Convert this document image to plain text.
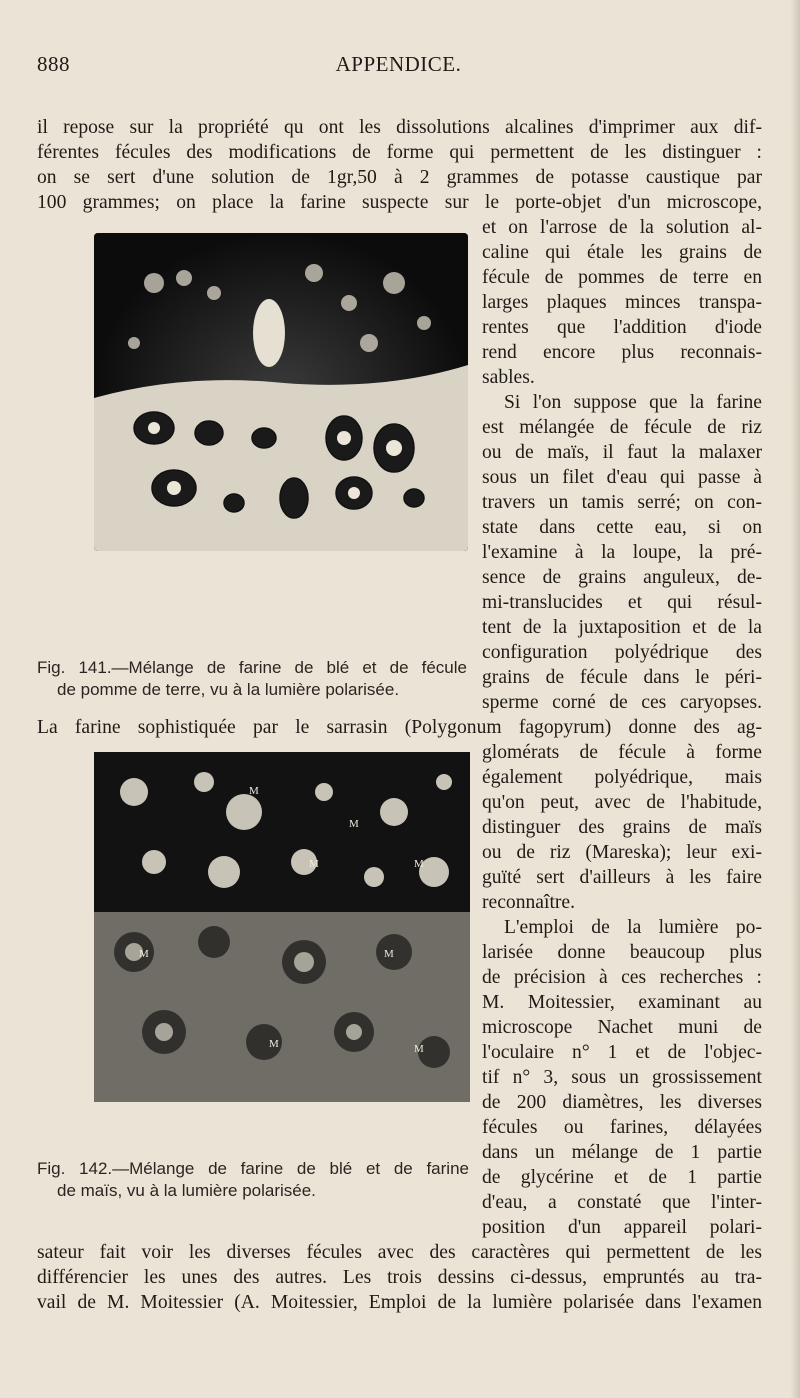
888	APPENDICE.
il repose sur la propriété qu ont les dissolutions alcalines d'imprimer aux dif-
férentes fécules des modifications de forme qui permettent de les distinguer :
on se sert d'une solution de 1gr,50 à 2 grammes de potasse caustique par
100 grammes; on place la farine suspecte sur le porte-objet d'un microscope,
et on l'arrose de la solution al-
caline qui étale les grains de
fécule de pommes de terre en
larges plaques minces transpa-
rentes que l'addition d'iode
rend encore plus reconnais-
sables.
Si l'on suppose que la farine
est mélangée de fécule de riz
ou de maïs, il faut la malaxer
sous un filet d'eau qui passe à
travers un tamis serré; on con-
state dans cette eau, si on
l'examine à la loupe, la pré-
sence de grains anguleux, de-
mi-translucides et qui résul-
tent de la juxtaposition et de la
configuration polyédrique des
grains de fécule dans le péri-
sperme corné de ces caryopses.
La farine sophistiquée par le sarrasin (Polygonum fagopyrum) donne des ag-
glomérats de fécule à forme
également polyédrique, mais
qu'on peut, avec de l'habitude,
distinguer des grains de maïs
ou de riz (Mareska); leur exi-
guïté sert d'ailleurs à les faire
reconnaître.
L'emploi de la lumière po-
larisée donne beaucoup plus
de précision à ces recherches :
M. Moitessier, examinant au
microscope Nachet muni de
l'oculaire n° 1 et de l'objec-
tif n° 3, sous un grossissement
de 200 diamètres, les diverses
fécules ou farines, délayées
dans un mélange de 1 partie
de glycérine et de 1 partie
d'eau, a constaté que l'inter-
position d'un appareil polari-
sateur fait voir les diverses fécules avec des caractères qui permettent de les
différencier les unes des autres. Les trois dessins ci-dessus, empruntés au tra-
vail de M. Moitessier (A. Moitessier, Emploi de la lumière polarisée dans l'examen
Fig. 141.—Mélange de farine de blé et de fécule
de pomme de terre, vu à la lumière polarisée.
M
M
M
M
M	M
M	M
Fig. 142.—Mélange de farine de blé et de farine
de maïs, vu à la lumière polarisée.
